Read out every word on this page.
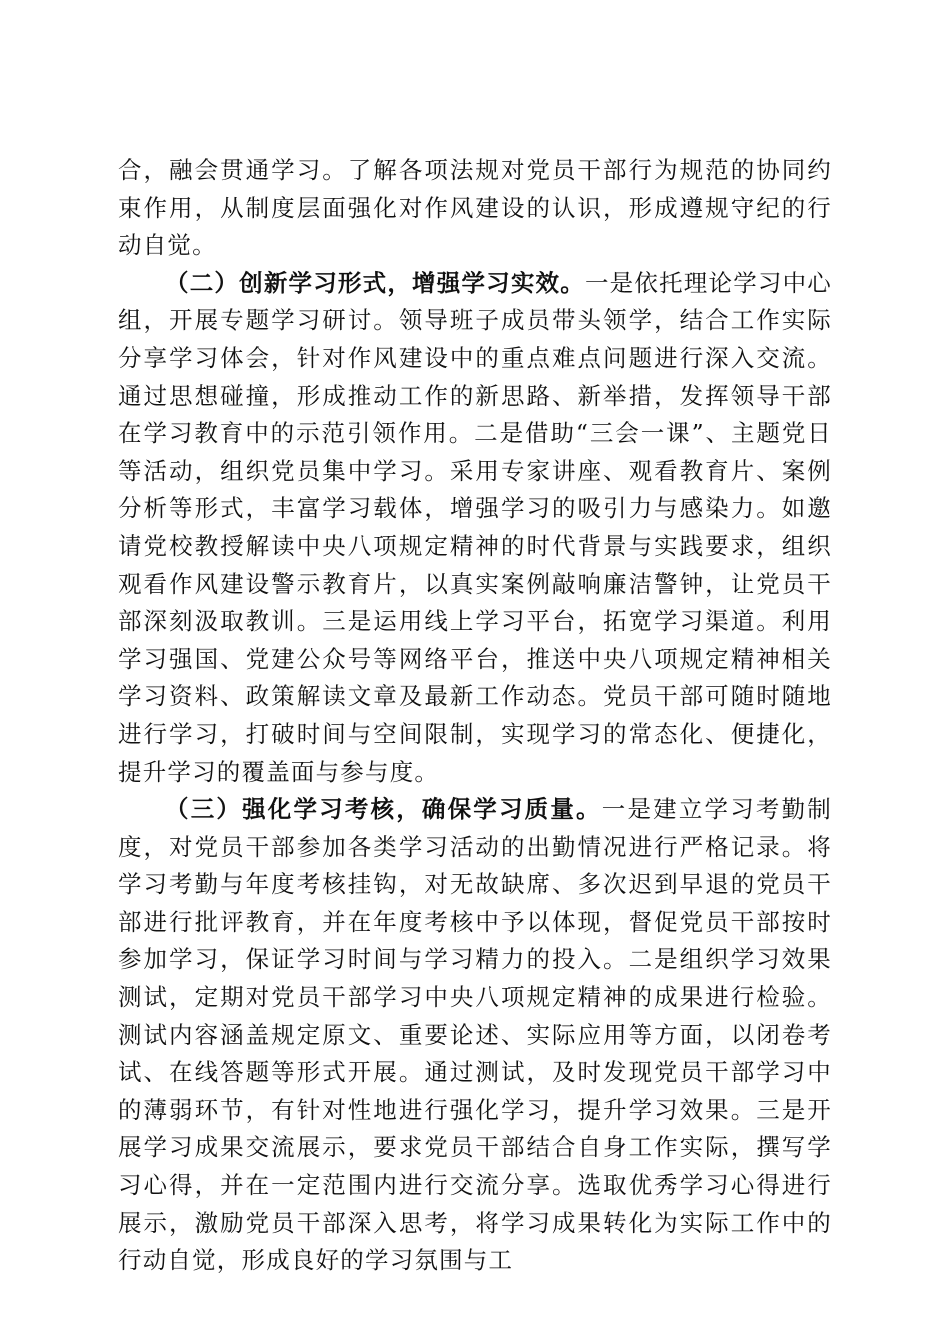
合，融会贯通学习。了解各项法规对党员干部行为规范的协同约束作用，从制度层面强化对作风建设的认识，形成遵规守纪的行动自觉。

（二）创新学习形式，增强学习实效。一是依托理论学习中心组，开展专题学习研讨。领导班子成员带头领学，结合工作实际分享学习体会，针对作风建设中的重点难点问题进行深入交流。通过思想碰撞，形成推动工作的新思路、新举措，发挥领导干部在学习教育中的示范引领作用。二是借助“三会一课”、主题党日等活动，组织党员集中学习。采用专家讲座、观看教育片、案例分析等形式，丰富学习载体，增强学习的吸引力与感染力。如邀请党校教授解读中央八项规定精神的时代背景与实践要求，组织观看作风建设警示教育片，以真实案例敲响廉洁警钟，让党员干部深刻汲取教训。三是运用线上学习平台，拓宽学习渠道。利用学习强国、党建公众号等网络平台，推送中央八项规定精神相关学习资料、政策解读文章及最新工作动态。党员干部可随时随地进行学习，打破时间与空间限制，实现学习的常态化、便捷化，提升学习的覆盖面与参与度。

（三）强化学习考核，确保学习质量。一是建立学习考勤制度，对党员干部参加各类学习活动的出勤情况进行严格记录。将学习考勤与年度考核挂钩，对无故缺席、多次迟到早退的党员干部进行批评教育，并在年度考核中予以体现，督促党员干部按时参加学习，保证学习时间与学习精力的投入。二是组织学习效果测试，定期对党员干部学习中央八项规定精神的成果进行检验。测试内容涵盖规定原文、重要论述、实际应用等方面，以闭卷考试、在线答题等形式开展。通过测试，及时发现党员干部学习中的薄弱环节，有针对性地进行强化学习，提升学习效果。三是开展学习成果交流展示，要求党员干部结合自身工作实际，撰写学习心得，并在一定范围内进行交流分享。选取优秀学习心得进行展示，激励党员干部深入思考，将学习成果转化为实际工作中的行动自觉，形成良好的学习氛围与工
